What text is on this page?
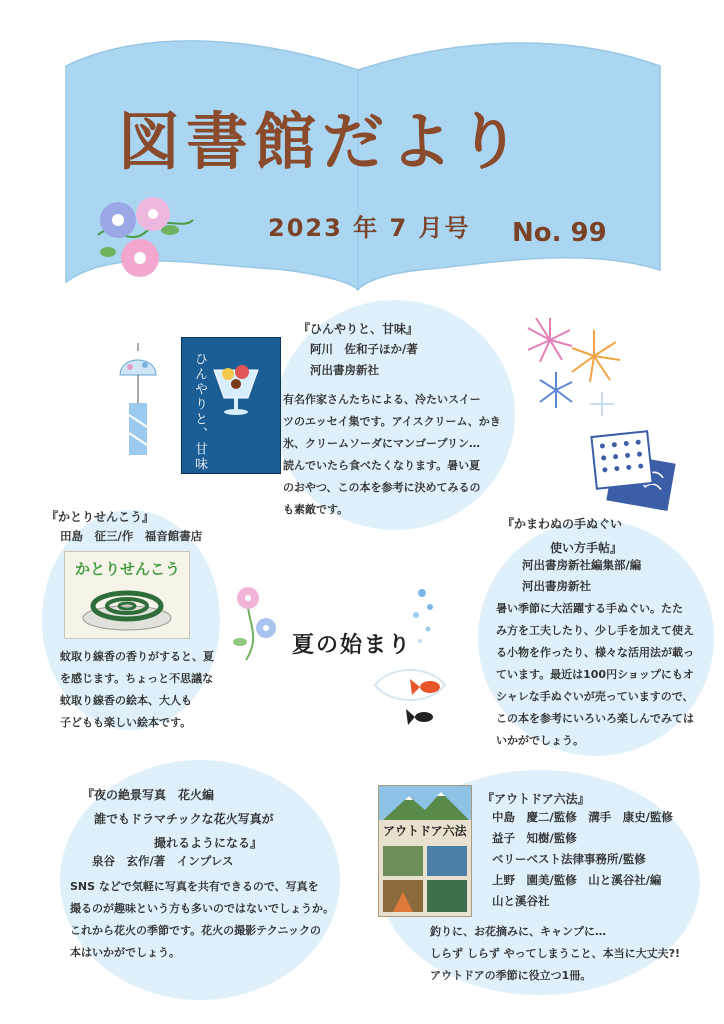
図書館だより
2023 年 7 月号 No. 99
ひんやりと、甘味
『ひんやりと、甘味』
阿川　佐和子ほか/著
河出書房新社
有名作家さんたちによる、冷たいスイー
ツのエッセイ集です。アイスクリーム、かき
氷、クリームソーダにマンゴープリン…
読んでいたら食べたくなります。暑い夏
のおやつ、この本を参考に決めてみるの
も素敵です。
『かとりせんこう』
田島　征三/作　福音館書店
かとりせんこう
蚊取り線香の香りがすると、夏
を感じます。ちょっと不思議な
蚊取り線香の絵本、大人も
子どもも楽しい絵本です。
夏の始まり
『かまわぬの手ぬぐい
　　　　使い方手帖』
河出書房新社編集部/編
河出書房新社
暑い季節に大活躍する手ぬぐい。たた
み方を工夫したり、少し手を加えて使え
る小物を作ったり、様々な活用法が載っ
ています。最近は100円ショップにもオ
シャレな手ぬぐいが売っていますので、
この本を参考にいろいろ楽しんでみては
いかがでしょう。
『夜の絶景写真　花火編
　誰でもドラマチックな花火写真が
　　　　　　撮れるようになる』
泉谷　玄作/著　インプレス
SNS などで気軽に写真を共有できるので、写真を
撮るのが趣味という方も多いのではないでしょうか。
これから花火の季節です。花火の撮影テクニックの
本はいかがでしょう。
アウトドア六法
『アウトドア六法』
中島　慶二/監修　溝手　康史/監修
益子　知樹/監修
ベリーベスト法律事務所/監修
上野　園美/監修　山と溪谷社/編
山と溪谷社
釣りに、お花摘みに、キャンプに…
しらず しらず やってしまうこと、本当に大丈夫?!
アウトドアの季節に役立つ1冊。
